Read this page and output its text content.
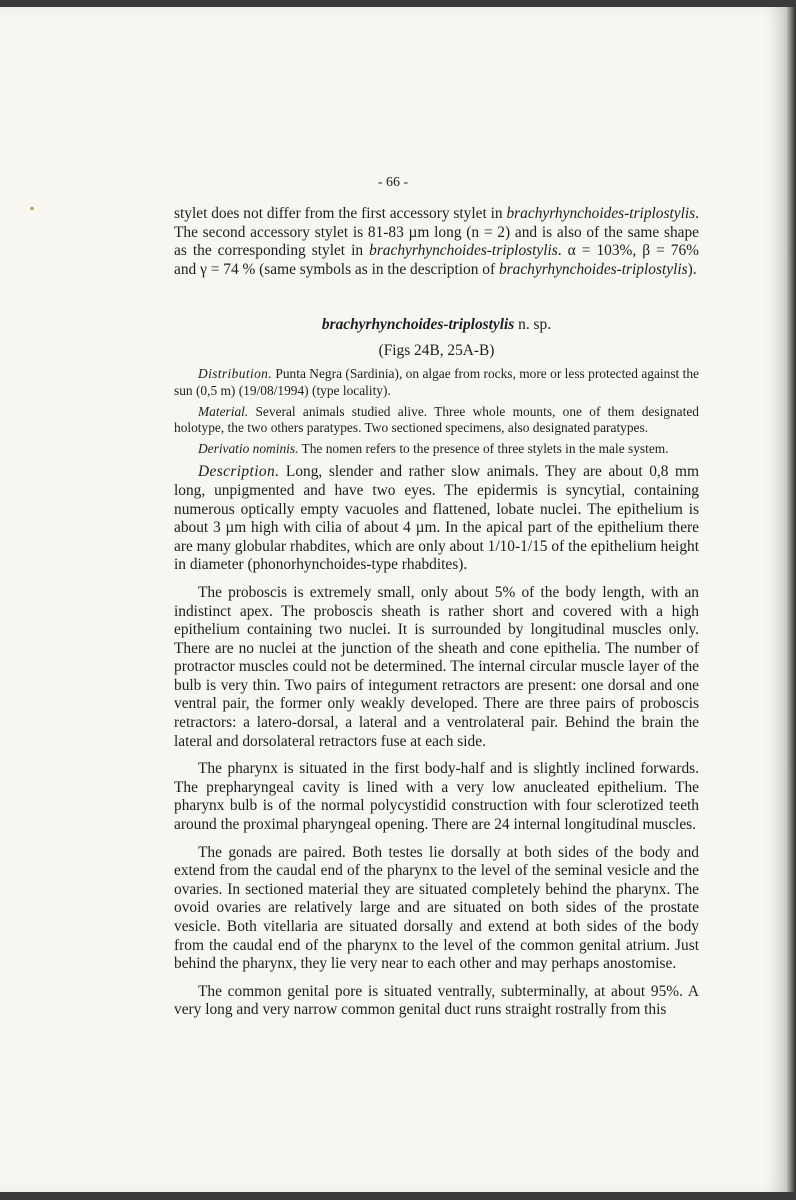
- 66 -

stylet does not differ from the first accessory stylet in brachyrhynchoides-triplostylis. The second accessory stylet is 81-83 µm long (n = 2) and is also of the same shape as the corresponding stylet in brachyrhynchoides-triplostylis. α = 103%, β = 76% and γ = 74 % (same symbols as in the description of brachyrhynchoides-triplostylis).

brachyrhynchoides-triplostylis n. sp.

(Figs 24B, 25A-B)

Distribution. Punta Negra (Sardinia), on algae from rocks, more or less protected against the sun (0,5 m) (19/08/1994) (type locality).

Material. Several animals studied alive. Three whole mounts, one of them designated holotype, the two others paratypes. Two sectioned specimens, also designated paratypes.

Derivatio nominis. The nomen refers to the presence of three stylets in the male system.

Description. Long, slender and rather slow animals. They are about 0,8 mm long, unpigmented and have two eyes. The epidermis is syncytial, containing numerous optically empty vacuoles and flattened, lobate nuclei. The epithelium is about 3 µm high with cilia of about 4 µm. In the apical part of the epithelium there are many globular rhabdites, which are only about 1/10-1/15 of the epithelium height in diameter (phonorhynchoides-type rhabdites).

The proboscis is extremely small, only about 5% of the body length, with an indistinct apex. The proboscis sheath is rather short and covered with a high epithelium containing two nuclei. It is surrounded by longitudinal muscles only. There are no nuclei at the junction of the sheath and cone epithelia. The number of protractor muscles could not be determined. The internal circular muscle layer of the bulb is very thin. Two pairs of integument retractors are present: one dorsal and one ventral pair, the former only weakly developed. There are three pairs of proboscis retractors: a latero-dorsal, a lateral and a ventrolateral pair. Behind the brain the lateral and dorsolateral retractors fuse at each side.

The pharynx is situated in the first body-half and is slightly inclined forwards. The prepharyngeal cavity is lined with a very low anucleated epithelium. The pharynx bulb is of the normal polycystidid construction with four sclerotized teeth around the proximal pharyngeal opening. There are 24 internal longitudinal muscles.

The gonads are paired. Both testes lie dorsally at both sides of the body and extend from the caudal end of the pharynx to the level of the seminal vesicle and the ovaries. In sectioned material they are situated completely behind the pharynx. The ovoid ovaries are relatively large and are situated on both sides of the prostate vesicle. Both vitellaria are situated dorsally and extend at both sides of the body from the caudal end of the pharynx to the level of the common genital atrium. Just behind the pharynx, they lie very near to each other and may perhaps anostomise.

The common genital pore is situated ventrally, subterminally, at about 95%. A very long and very narrow common genital duct runs straight rostrally from this
